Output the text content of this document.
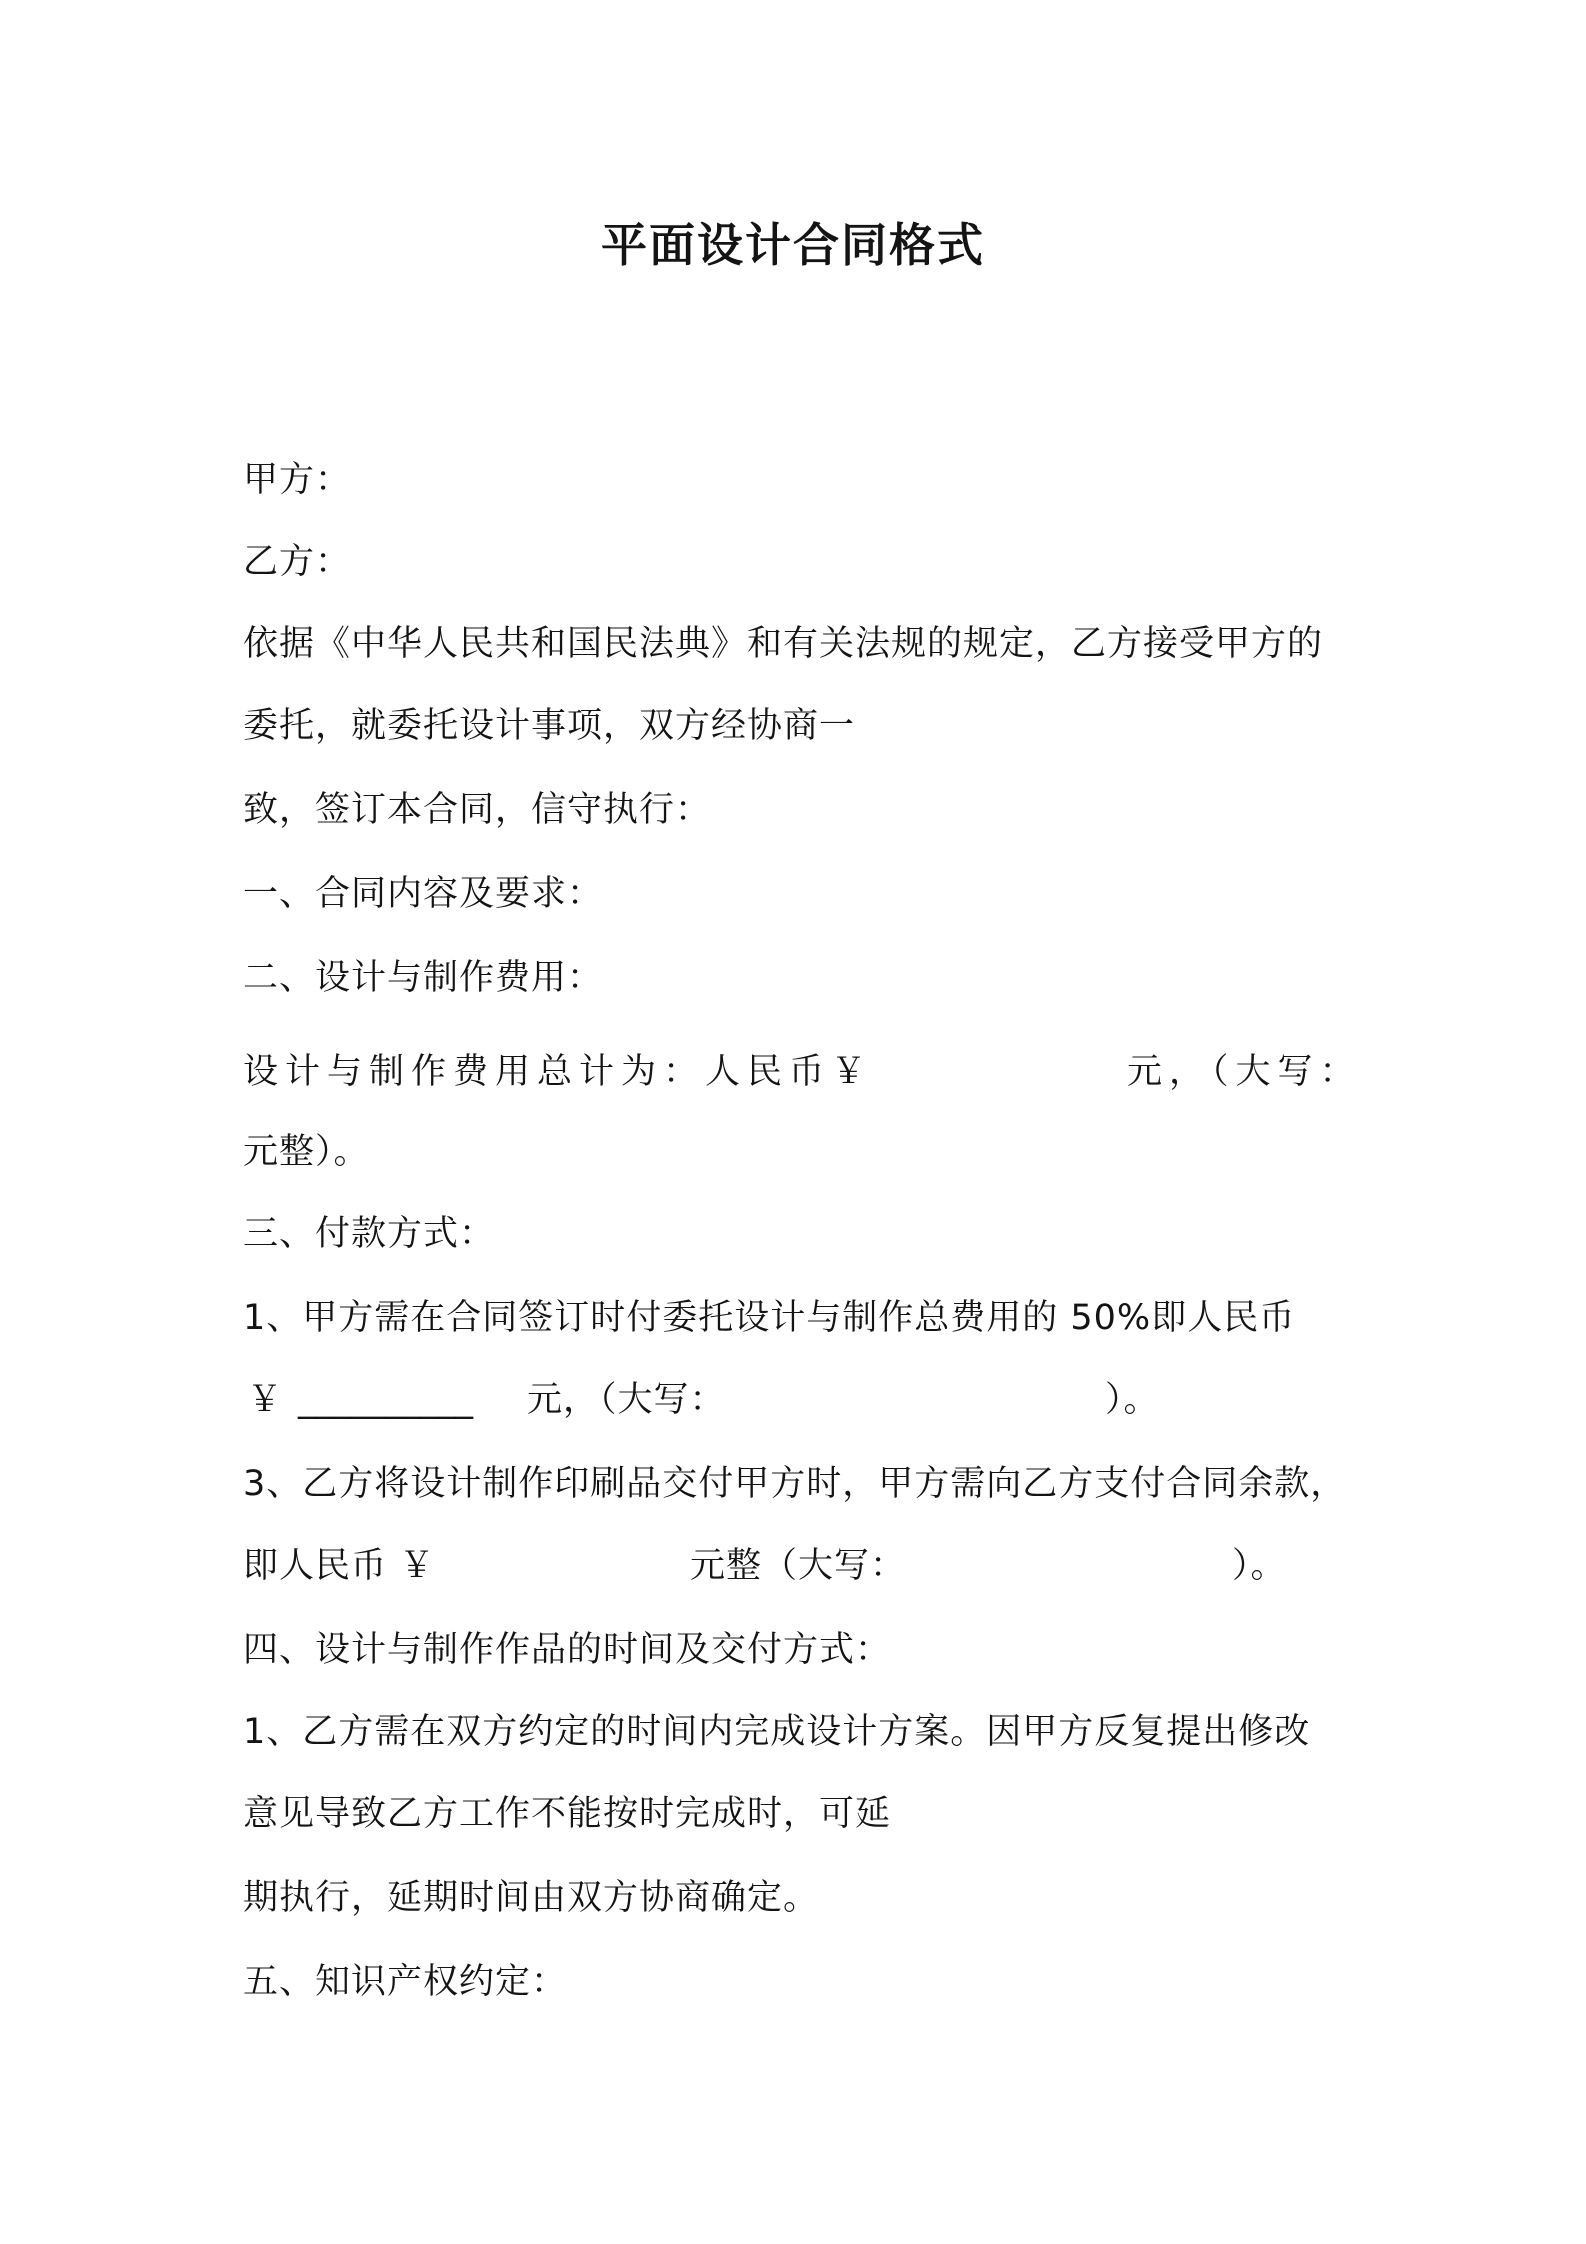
平面设计合同格式
甲方：
乙方：
依据《中华人民共和国民法典》和有关法规的规定，乙方接受甲方的
委托，就委托设计事项，双方经协商一
致，签订本合同，信守执行：
一、合同内容及要求：
二、设计与制作费用：
设计与制作费用总计为：人民币￥	元，（大写：
元整）。
三、付款方式：
1、甲方需在合同签订时付委托设计与制作总费用的 50%即人民币
￥ __________ 元，（大写：	）。
3、乙方将设计制作印刷品交付甲方时，甲方需向乙方支付合同余款，
即人民币 ￥	元整（大写：	）。
四、设计与制作作品的时间及交付方式：
1、乙方需在双方约定的时间内完成设计方案。因甲方反复提出修改
意见导致乙方工作不能按时完成时，可延
期执行，延期时间由双方协商确定。
五、知识产权约定：
